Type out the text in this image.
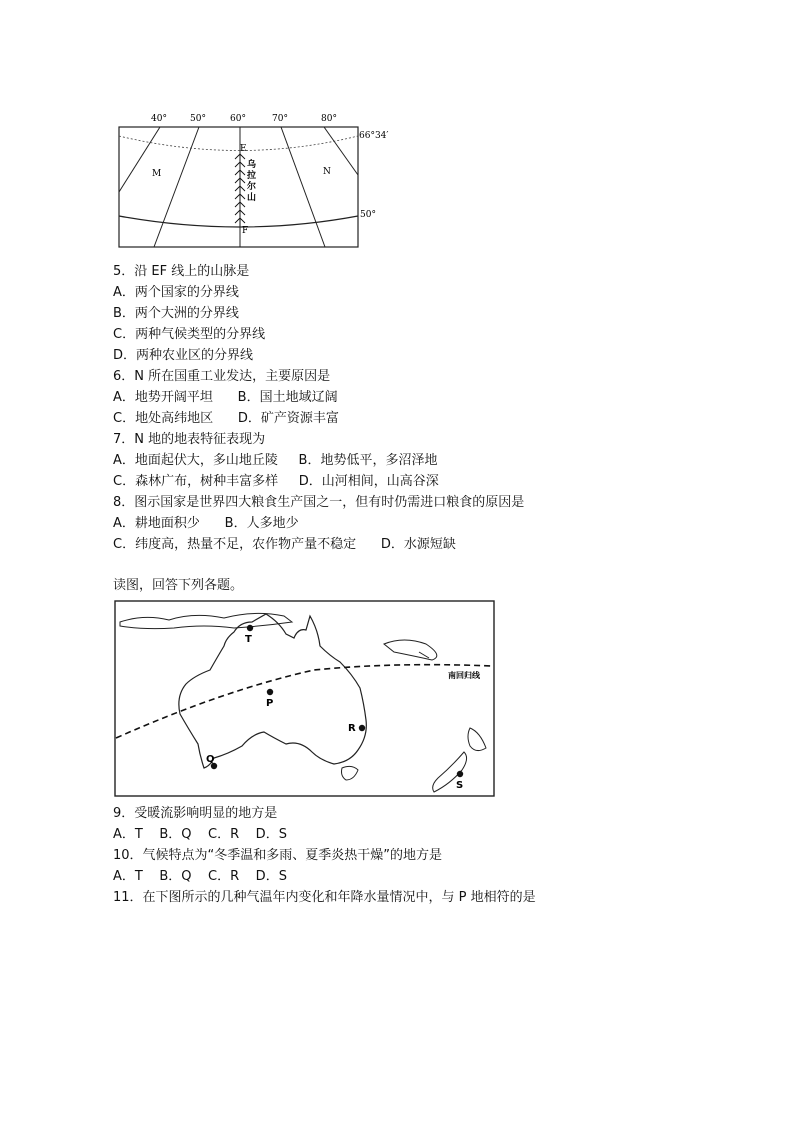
40°	50°	60°	70°	80°
66°34′
50°
E
F
M	N
乌
拉
尔
山
5．沿 EF 线上的山脉是
A．两个国家的分界线
B．两个大洲的分界线
C．两种气候类型的分界线
D．两种农业区的分界线
6．N 所在国重工业发达，主要原因是
A．地势开阔平坦      B．国土地域辽阔
C．地处高纬地区      D．矿产资源丰富
7．N 地的地表特征表现为
A．地面起伏大，多山地丘陵     B．地势低平，多沼泽地
C．森林广布，树种丰富多样     D．山河相间，山高谷深
8．图示国家是世界四大粮食生产国之一，但有时仍需进口粮食的原因是
A．耕地面积少      B．人多地少
C．纬度高，热量不足，农作物产量不稳定      D．水源短缺
读图，回答下列各题。
南回归线
T
P
R
Q
S
9．受暖流影响明显的地方是
A．T    B．Q    C．R    D．S
10．气候特点为“冬季温和多雨、夏季炎热干燥”的地方是
A．T    B．Q    C．R    D．S
11．在下图所示的几种气温年内变化和年降水量情况中，与 P 地相符的是
